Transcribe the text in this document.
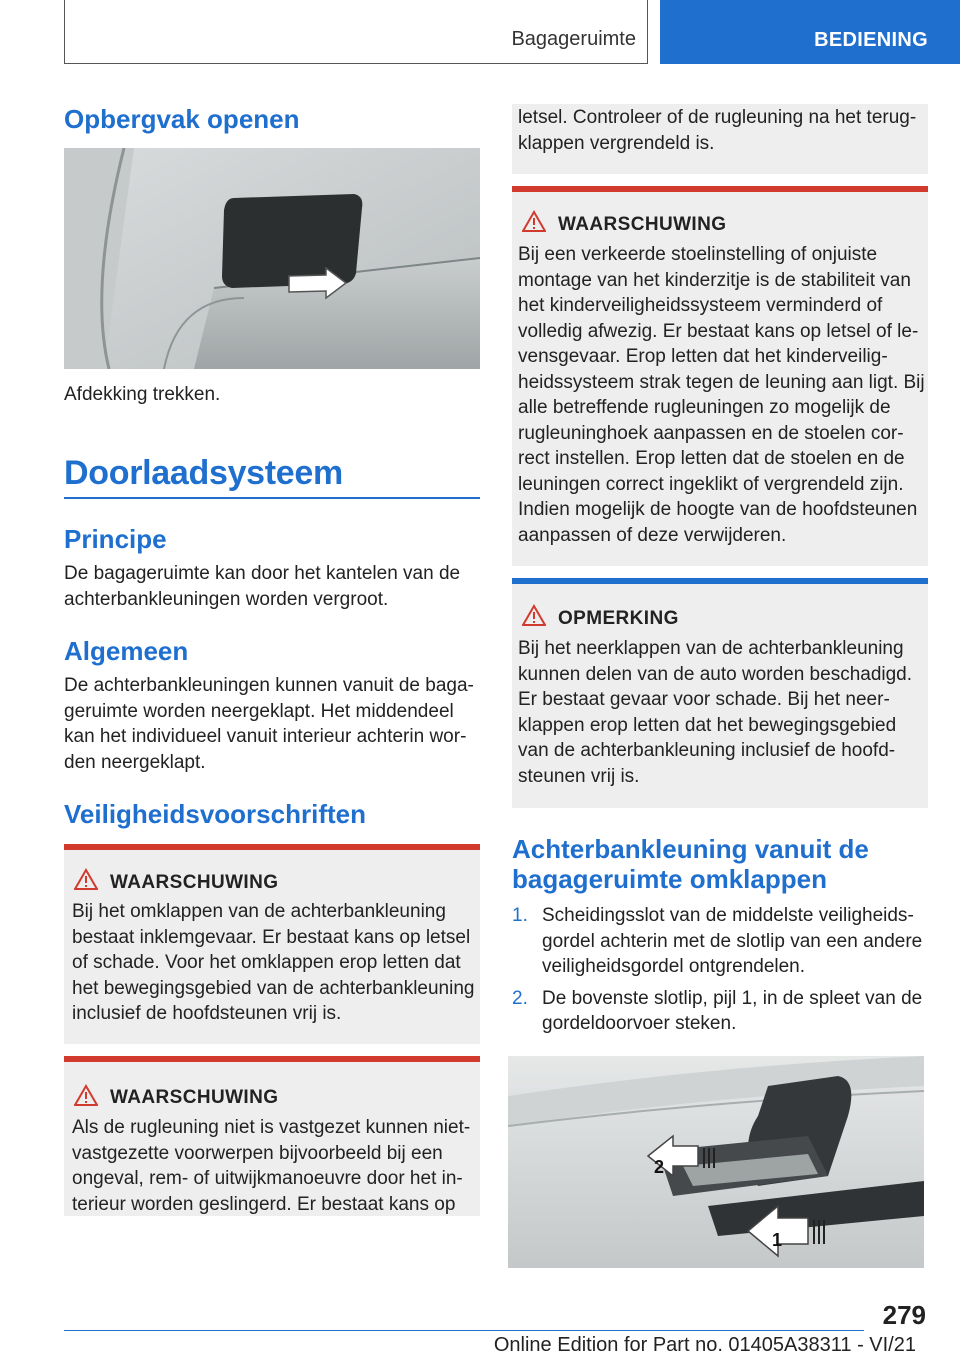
Bagageruimte	BEDIENING
Opbergvak openen
Afdekking trekken.
Doorlaadsysteem
Principe
De bagageruimte kan door het kantelen van de achterbankleuningen worden vergroot.
Algemeen
De achterbankleuningen kunnen vanuit de bagageruimte worden neergeklapt. Het middendeel kan het individueel vanuit interieur achterin worden neergeklapt.
Veiligheidsvoorschriften
WAARSCHUWING
Bij het omklappen van de achterbankleuning bestaat inklemgevaar. Er bestaat kans op letsel of schade. Voor het omklappen erop letten dat het bewegingsgebied van de achterbankleuning inclusief de hoofdsteunen vrij is.
WAARSCHUWING
Als de rugleuning niet is vastgezet kunnen niet-vastgezette voorwerpen bijvoorbeeld bij een ongeval, rem- of uitwijkmanoeuvre door het interieur worden geslingerd. Er bestaat kans op
letsel. Controleer of de rugleuning na het terugklappen vergrendeld is.
WAARSCHUWING
Bij een verkeerde stoelinstelling of onjuiste montage van het kinderzitje is de stabiliteit van het kinderveiligheidssysteem verminderd of volledig afwezig. Er bestaat kans op letsel of levensgevaar. Erop letten dat het kinderveiligheidssysteem strak tegen de leuning aan ligt. Bij alle betreffende rugleuningen zo mogelijk de rugleuninghoek aanpassen en de stoelen correct instellen. Erop letten dat de stoelen en de leuningen correct ingeklikt of vergrendeld zijn. Indien mogelijk de hoogte van de hoofdsteunen aanpassen of deze verwijderen.
OPMERKING
Bij het neerklappen van de achterbankleuning kunnen delen van de auto worden beschadigd. Er bestaat gevaar voor schade. Bij het neerklappen erop letten dat het bewegingsgebied van de achterbankleuning inclusief de hoofdsteunen vrij is.
Achterbankleuning vanuit de bagageruimte omklappen
1. Scheidingsslot van de middelste veiligheidsgordel achterin met de slotlip van een andere veiligheidsgordel ontgrendelen.
2. De bovenste slotlip, pijl 1, in de spleet van de gordeldoorvoer steken.
2
1
279
Online Edition for Part no. 01405A38311 - VI/21
